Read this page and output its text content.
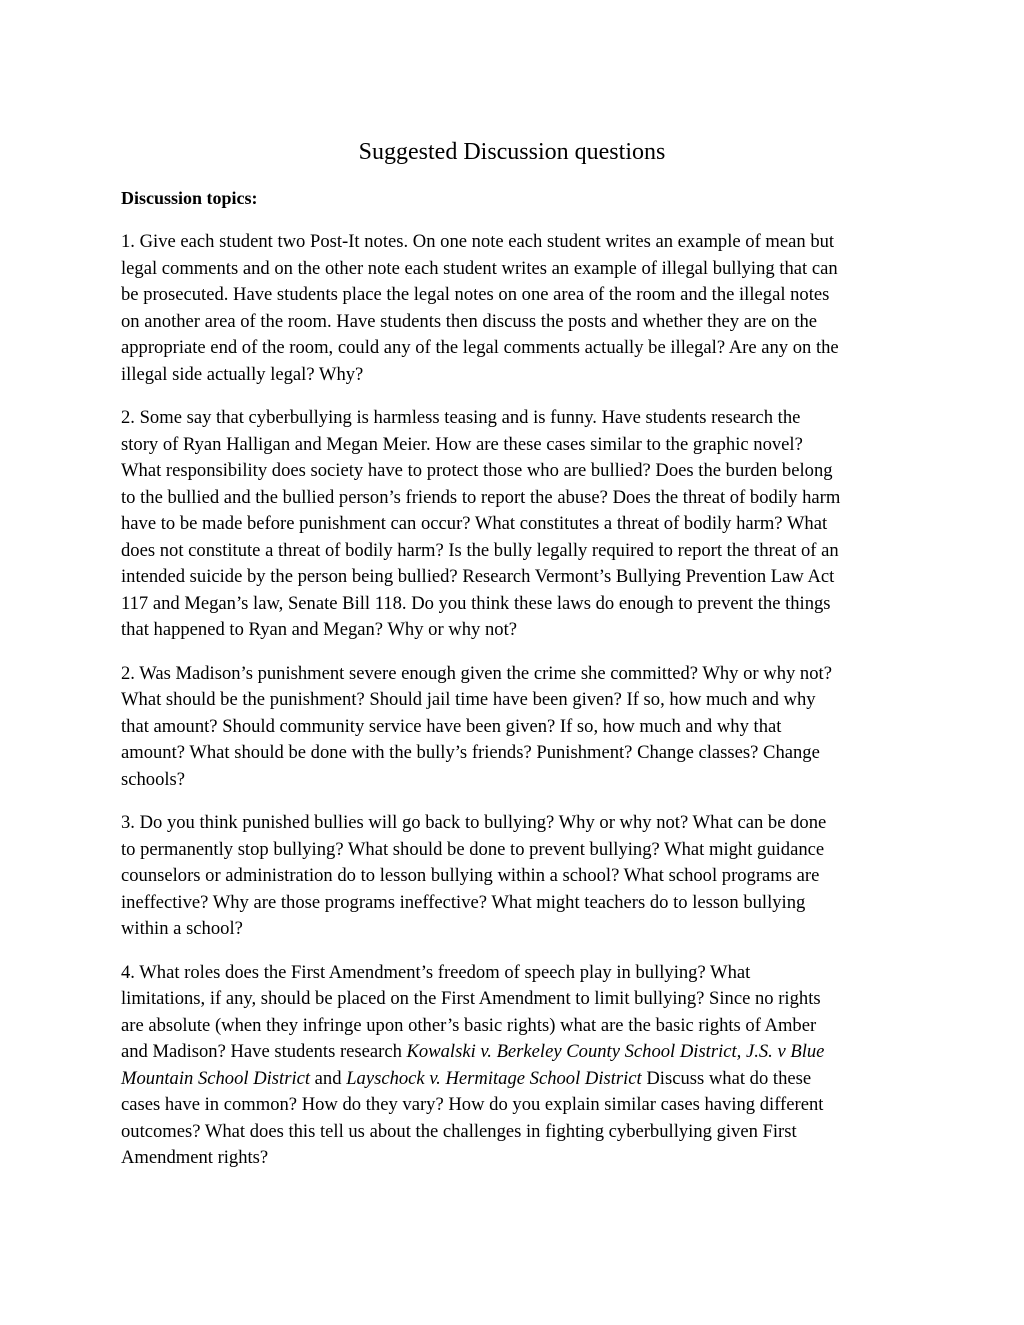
Suggested Discussion questions
Discussion topics:

1. Give each student two Post-It notes. On one note each student writes an example of mean but
legal comments and on the other note each student writes an example of illegal bullying that can
be prosecuted. Have students place the legal notes on one area of the room and the illegal notes
on another area of the room. Have students then discuss the posts and whether they are on the
appropriate end of the room, could any of the legal comments actually be illegal? Are any on the
illegal side actually legal? Why?

2. Some say that cyberbullying is harmless teasing and is funny. Have students research the
story of Ryan Halligan and Megan Meier. How are these cases similar to the graphic novel?
What responsibility does society have to protect those who are bullied? Does the burden belong
to the bullied and the bullied person’s friends to report the abuse? Does the threat of bodily harm
have to be made before punishment can occur? What constitutes a threat of bodily harm? What
does not constitute a threat of bodily harm? Is the bully legally required to report the threat of an
intended suicide by the person being bullied? Research Vermont’s Bullying Prevention Law Act
117 and Megan’s law, Senate Bill 118. Do you think these laws do enough to prevent the things
that happened to Ryan and Megan? Why or why not?

2. Was Madison’s punishment severe enough given the crime she committed? Why or why not?
What should be the punishment? Should jail time have been given? If so, how much and why
that amount? Should community service have been given? If so, how much and why that
amount? What should be done with the bully’s friends? Punishment? Change classes? Change
schools?

3. Do you think punished bullies will go back to bullying? Why or why not? What can be done
to permanently stop bullying? What should be done to prevent bullying? What might guidance
counselors or administration do to lesson bullying within a school? What school programs are
ineffective? Why are those programs ineffective? What might teachers do to lesson bullying
within a school?

4. What roles does the First Amendment’s freedom of speech play in bullying? What
limitations, if any, should be placed on the First Amendment to limit bullying? Since no rights
are absolute (when they infringe upon other’s basic rights) what are the basic rights of Amber
and Madison? Have students research Kowalski v. Berkeley County School District, J.S. v Blue
Mountain School District and Layschock v. Hermitage School District Discuss what do these
cases have in common? How do they vary? How do you explain similar cases having different
outcomes? What does this tell us about the challenges in fighting cyberbullying given First
Amendment rights?
